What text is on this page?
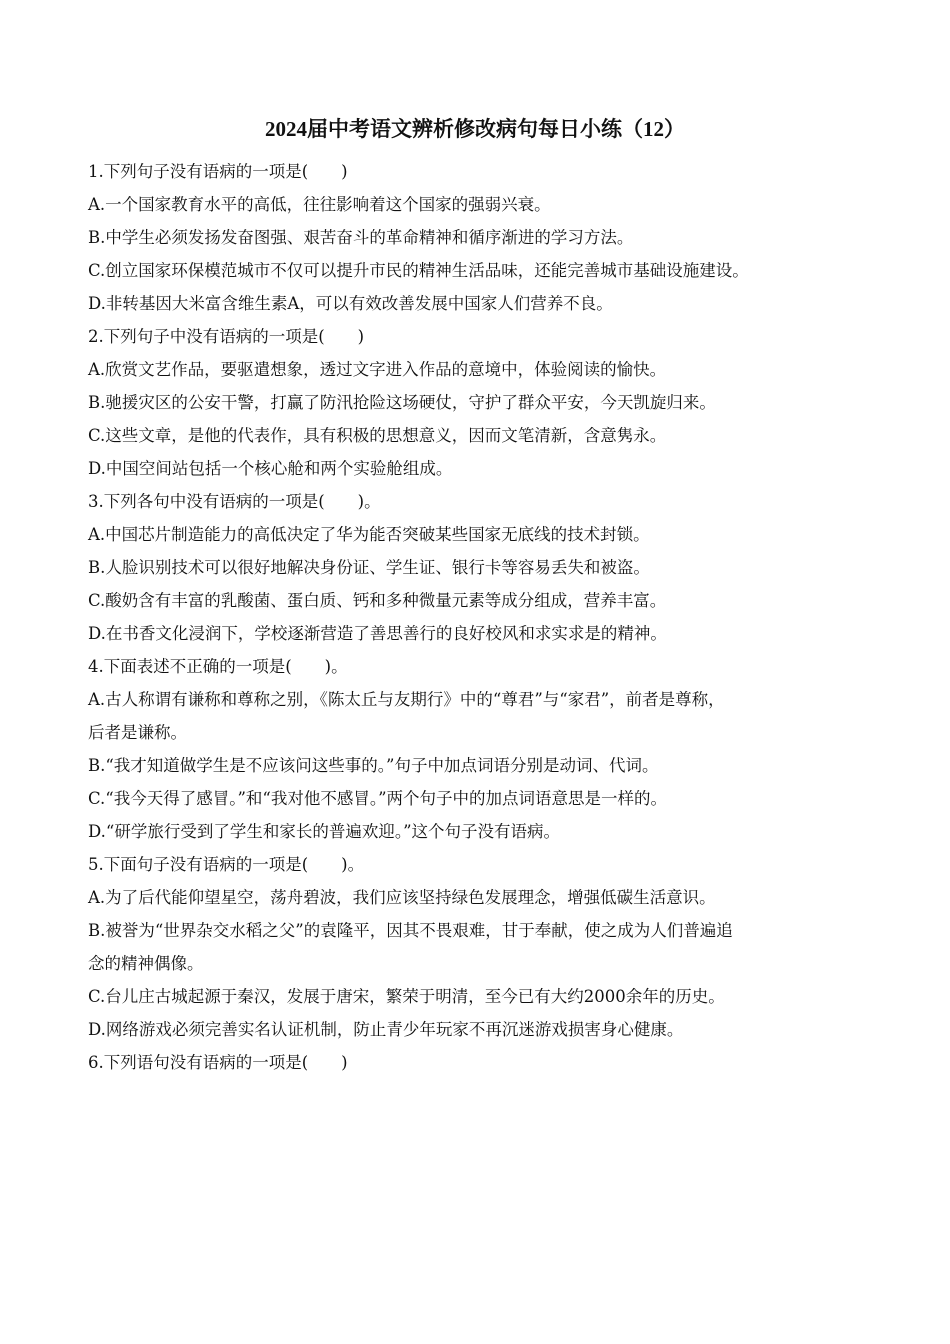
2024届中考语文辨析修改病句每日小练（12）
1.下列句子没有语病的一项是(　　)
A.一个国家教育水平的高低，往往影响着这个国家的强弱兴衰。
B.中学生必须发扬发奋图强、艰苦奋斗的革命精神和循序渐进的学习方法。
C.创立国家环保模范城市不仅可以提升市民的精神生活品味，还能完善城市基础设施建设。
D.非转基因大米富含维生素A，可以有效改善发展中国家人们营养不良。
2.下列句子中没有语病的一项是(　　)
A.欣赏文艺作品，要驱遣想象，透过文字进入作品的意境中，体验阅读的愉快。
B.驰援灾区的公安干警，打赢了防汛抢险这场硬仗，守护了群众平安，今天凯旋归来。
C.这些文章，是他的代表作，具有积极的思想意义，因而文笔清新，含意隽永。
D.中国空间站包括一个核心舱和两个实验舱组成。
3.下列各句中没有语病的一项是(　　)。
A.中国芯片制造能力的高低决定了华为能否突破某些国家无底线的技术封锁。
B.人脸识别技术可以很好地解决身份证、学生证、银行卡等容易丢失和被盗。
C.酸奶含有丰富的乳酸菌、蛋白质、钙和多种微量元素等成分组成，营养丰富。
D.在书香文化浸润下，学校逐渐营造了善思善行的良好校风和求实求是的精神。
4.下面表述不正确的一项是(　　)。
A.古人称谓有谦称和尊称之别，《陈太丘与友期行》中的“尊君”与“家君”，前者是尊称，
后者是谦称。
B.“我才知道做学生是不应该问这些事的。”句子中加点词语分别是动词、代词。
C.“我今天得了感冒。”和“我对他不感冒。”两个句子中的加点词语意思是一样的。
D.“研学旅行受到了学生和家长的普遍欢迎。”这个句子没有语病。
5.下面句子没有语病的一项是(　　)。
A.为了后代能仰望星空，荡舟碧波，我们应该坚持绿色发展理念，增强低碳生活意识。
B.被誉为“世界杂交水稻之父”的袁隆平，因其不畏艰难，甘于奉献，使之成为人们普遍追
念的精神偶像。
C.台儿庄古城起源于秦汉，发展于唐宋，繁荣于明清，至今已有大约2000余年的历史。
D.网络游戏必须完善实名认证机制，防止青少年玩家不再沉迷游戏损害身心健康。
6.下列语句没有语病的一项是(　　)
